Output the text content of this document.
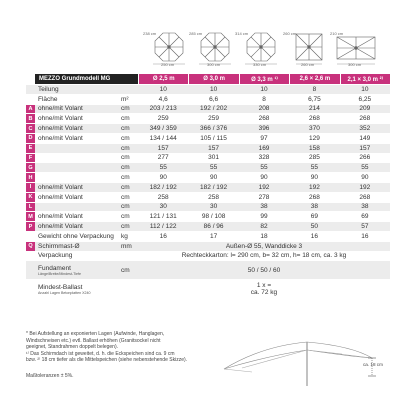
238 cm
250 cm
285 cm
300 cm
314 cm
330 cm
260 cm
260 cm
210 cm
300 cm
MEZZO Grundmodell MG	Ø 2,5 m	Ø 3,0 m	Ø 3,3 m ¹⁾	2,6 × 2,6 m	2,1 × 3,0 m ²⁾
Teilung	10	10	10	8	10
Fläche	m²	4,6	6,6	8	6,75	6,25
A ohne/mit Volant	cm	203 / 213	192 / 202	208	214	209
B ohne/mit Volant	cm	259	259	268	268	268
C ohne/mit Volant	cm	349 / 359	366 / 376	396	370	352
D ohne/mit Volant	cm	134 / 144	105 / 115	97	129	149
E	cm	157	157	169	158	157
F	cm	277	301	328	285	266
G	cm	55	55	55	55	55
H	cm	90	90	90	90	90
I	ohne/mit Volant	cm	182 / 192	182 / 192	192	192	192
K ohne/mit Volant	cm	258	258	278	268	268
L	cm	30	30	38	38	38
M ohne/mit Volant	cm	121 / 131	98 / 108	99	69	69
P ohne/mit Volant	cm	112 / 122	86 / 96	82	50	57
Gewicht ohne Verpackung kg	16	17	18	16	16
Q Schirmmast-Ø	mm	Außen-Ø 55, Wanddicke 3
Verpackung	Rechteckkarton: l= 290 cm, b= 32 cm, h= 18 cm, ca. 3 kg
Fundament
Länge/Breite/Mindest-Tiefe	cm	50 / 50 / 60
Mindest-Ballast
Anzahl Lagen Betonplatten X240
1 x =
ca. 72 kg

* Bei Aufstellung an exponierten Lagen (Aufwinde, Hanglagen,

Windschneisen etc.) evtl. Ballast erhöhen (Granitsockel nicht

geeignet, Standrahmen doppelt belegen).

¹⁾ Das Schirmdach ist geweitet, d. h. die Eckspeichen sind ca. 9 cm

bzw. ²⁾ 18 cm tiefer als die Mittelspeichen (siehe nebenstehende Skizze).

Maßtoleranzen ± 5%.

ca. 18 cm
